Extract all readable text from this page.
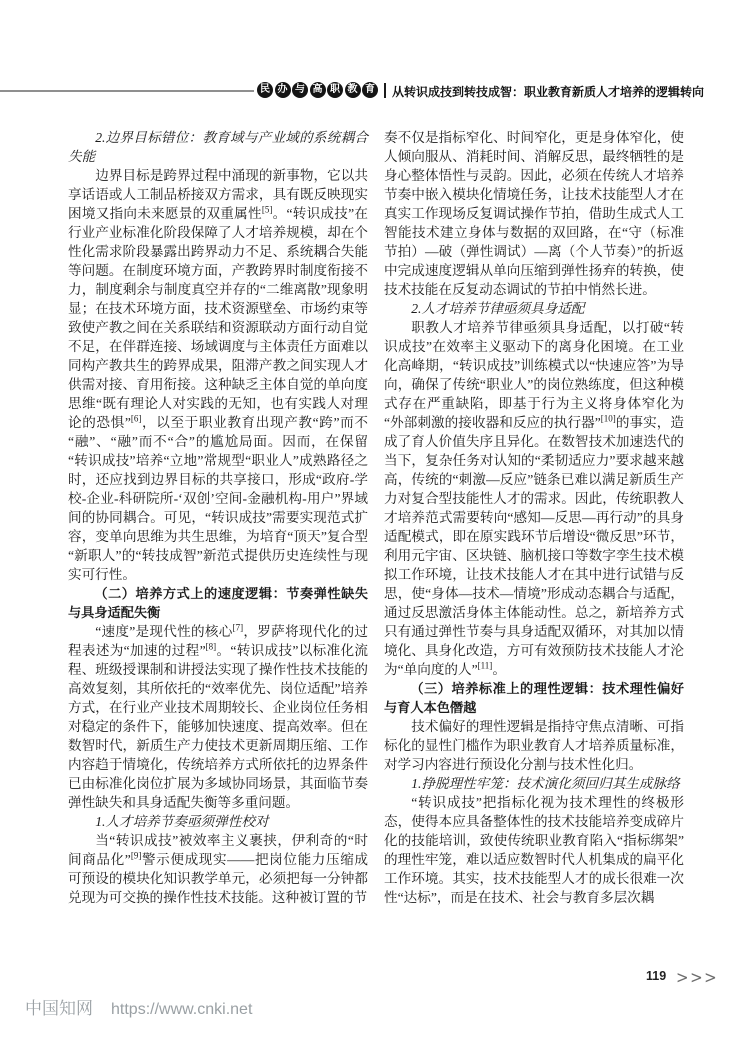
民 办 与 高 职 教 育 从转识成技到转技成智：职业教育新质人才培养的逻辑转向
2.边界目标错位：教育域与产业域的系统耦合失能
边界目标是跨界过程中涌现的新事物，它以共享话语或人工制品桥接双方需求，具有既反映现实困境又指向未来愿景的双重属性[5]。“转识成技”在行业产业标准化阶段保障了人才培养规模，却在个性化需求阶段暴露出跨界动力不足、系统耦合失能等问题。在制度环境方面，产教跨界时制度衔接不力，制度剩余与制度真空并存的“二维离散”现象明显；在技术环境方面，技术资源壁垒、市场约束等致使产教之间在关系联结和资源联动方面行动自觉不足，在伴群连接、场域调度与主体责任方面难以同构产教共生的跨界成果，阻滞产教之间实现人才供需对接、育用衔接。这种缺乏主体自觉的单向度思维“既有理论人对实践的无知，也有实践人对理论的恐惧”[6]，以至于职业教育出现产教“跨”而不“融”、“融”而不“合”的尴尬局面。因而，在保留“转识成技”培养“立地”常规型“职业人”成熟路径之时，还应找到边界目标的共享接口，形成“政府-学校-企业-科研院所-‘双创’空间-金融机构-用户”界域间的协同耦合。可见，“转识成技”需要实现范式扩容，变单向思维为共生思维，为培育“顶天”复合型“新职人”的“转技成智”新范式提供历史连续性与现实可行性。
（二）培养方式上的速度逻辑：节奏弹性缺失与具身适配失衡
“速度”是现代性的核心[7]，罗萨将现代化的过程表述为“加速的过程”[8]。“转识成技”以标准化流程、班级授课制和讲授法实现了操作性技术技能的高效复刻，其所依托的“效率优先、岗位适配”培养方式，在行业产业技术周期较长、企业岗位任务相对稳定的条件下，能够加快速度、提高效率。但在数智时代，新质生产力使技术更新周期压缩、工作内容趋于情境化，传统培养方式所依托的边界条件已由标准化岗位扩展为多域协同场景，其面临节奏弹性缺失和具身适配失衡等多重问题。
1.人才培养节奏亟须弹性校对
当“转识成技”被效率主义裹挟，伊利奇的“时间商品化”[9]警示便成现实——把岗位能力压缩成可预设的模块化知识教学单元，必须把每一分钟都兑现为可交换的操作性技术技能。这种被订置的节
奏不仅是指标窄化、时间窄化，更是身体窄化，使人倾向服从、消耗时间、消解反思，最终牺牲的是身心整体悟性与灵韵。因此，必须在传统人才培养节奏中嵌入模块化情境任务，让技术技能型人才在真实工作现场反复调试操作节拍，借助生成式人工智能技术建立身体与数据的双回路，在“守（标准节拍）—破（弹性调试）—离（个人节奏）”的折返中完成速度逻辑从单向压缩到弹性扬弃的转换，使技术技能在反复动态调试的节拍中悄然长进。
2.人才培养节律亟须具身适配
职教人才培养节律亟须具身适配，以打破“转识成技”在效率主义驱动下的离身化困境。在工业化高峰期，“转识成技”训练模式以“快速应答”为导向，确保了传统“职业人”的岗位熟练度，但这种模式存在严重缺陷，即基于行为主义将身体窄化为“外部刺激的接收器和反应的执行器”[10]的事实，造成了育人价值失序且异化。在数智技术加速迭代的当下，复杂任务对认知的“柔韧适应力”要求越来越高，传统的“刺激—反应”链条已难以满足新质生产力对复合型技能性人才的需求。因此，传统职教人才培养范式需要转向“感知—反思—再行动”的具身适配模式，即在原实践环节后增设“微反思”环节，利用元宇宙、区块链、脑机接口等数字孪生技术模拟工作环境，让技术技能人才在其中进行试错与反思，使“身体—技术—情境”形成动态耦合与适配，通过反思激活身体主体能动性。总之，新培养方式只有通过弹性节奏与具身适配双循环，对其加以情境化、具身化改造，方可有效预防技术技能人才沦为“单向度的人”[11]。
（三）培养标准上的理性逻辑：技术理性偏好与育人本色僭越
技术偏好的理性逻辑是指持守焦点清晰、可指标化的显性门槛作为职业教育人才培养质量标准，对学习内容进行预设化分割与技术性化归。
1.挣脱理性牢笼：技术演化须回归其生成脉络
“转识成技”把指标化视为技术理性的终极形态，使得本应具备整体性的技术技能培养变成碎片化的技能培训，致使传统职业教育陷入“指标绑架”的理性牢笼，难以适应数智时代人机集成的扁平化工作环境。其实，技术技能型人才的成长很难一次性“达标”，而是在技术、社会与教育多层次耦
119 >>>
中国知网 https://www.cnki.net
